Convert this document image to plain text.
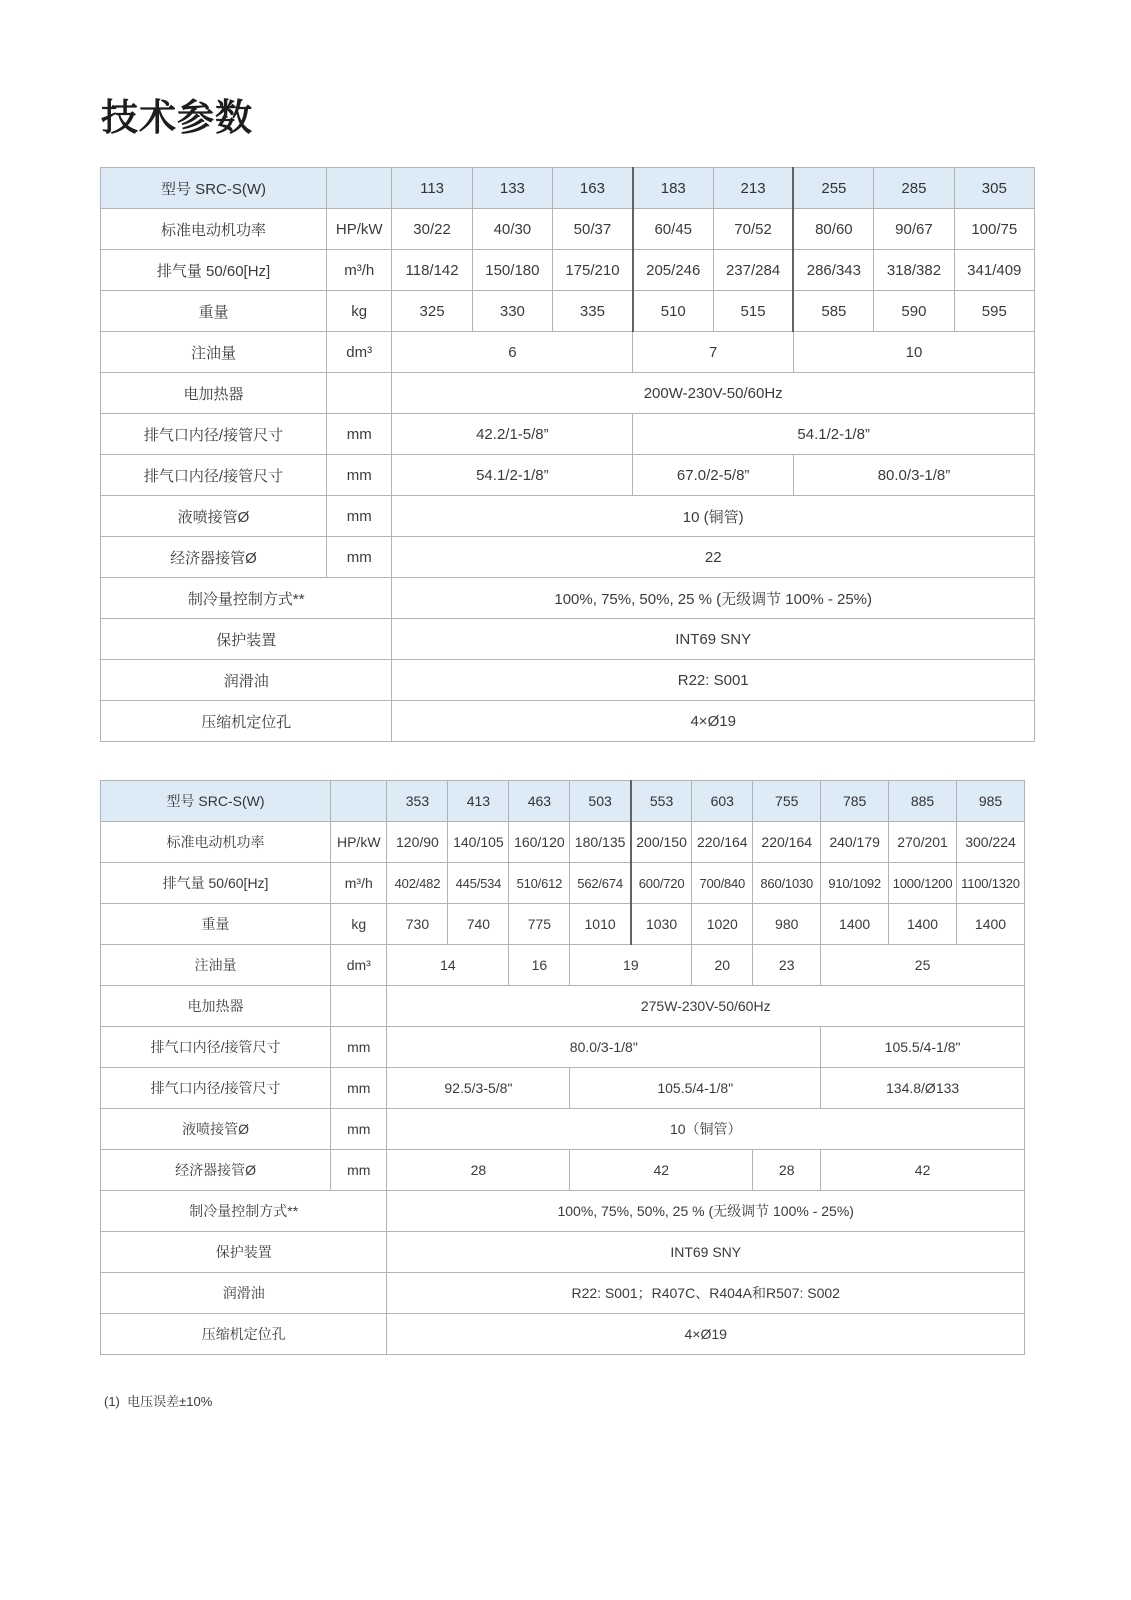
技术参数
型号 SRC-S(W)		113	133	163	183	213	255	285	305
标准电动机功率	HP/kW	30/22	40/30	50/37	60/45	70/52	80/60	90/67	100/75
排气量 50/60[Hz]	m³/h	118/142	150/180	175/210	205/246	237/284	286/343	318/382	341/409
重量	kg	325	330	335	510	515	585	590	595
注油量	dm³	6			7		10		
电加热器		200W-230V-50/60Hz							
排气口内径/接管尺寸	mm	42.2/1-5/8”			54.1/2-1/8”				
排气口内径/接管尺寸	mm	54.1/2-1/8”			67.0/2-5/8”		80.0/3-1/8”		
液喷接管Ø	mm	10 (铜管)							
经济器接管Ø	mm	22							
制冷量控制方式**		100%, 75%, 50%, 25 % (无级调节 100% - 25%)							
保护装置		INT69 SNY							
润滑油		R22: S001							
压缩机定位孔		4×Ø19							
型号 SRC-S(W)		353	413	463	503	553	603	755	785	885	985
标准电动机功率	HP/kW	120/90	140/105	160/120	180/135	200/150	220/164	220/164	240/179	270/201	300/224
排气量 50/60[Hz]	m³/h	402/482	445/534	510/612	562/674	600/720	700/840	860/1030	910/1092	1000/1200	1100/1320
重量	kg	730	740	775	1010	1030	1020	980	1400	1400	1400
注油量	dm³	14		16	19		20	23	25		
电加热器		275W-230V-50/60Hz									
排气口内径/接管尺寸	mm	80.0/3-1/8"							105.5/4-1/8"		
排气口内径/接管尺寸	mm	92.5/3-5/8"			105.5/4-1/8"				134.8/Ø133		
液喷接管Ø	mm	10（铜管）									
经济器接管Ø	mm	28			42			28	42		
制冷量控制方式**		100%, 75%, 50%, 25 % (无级调节 100% - 25%)									
保护装置		INT69 SNY									
润滑油		R22: S001；R407C、R404A和R507: S002									
压缩机定位孔		4×Ø19									

(1)  电压误差±10%
